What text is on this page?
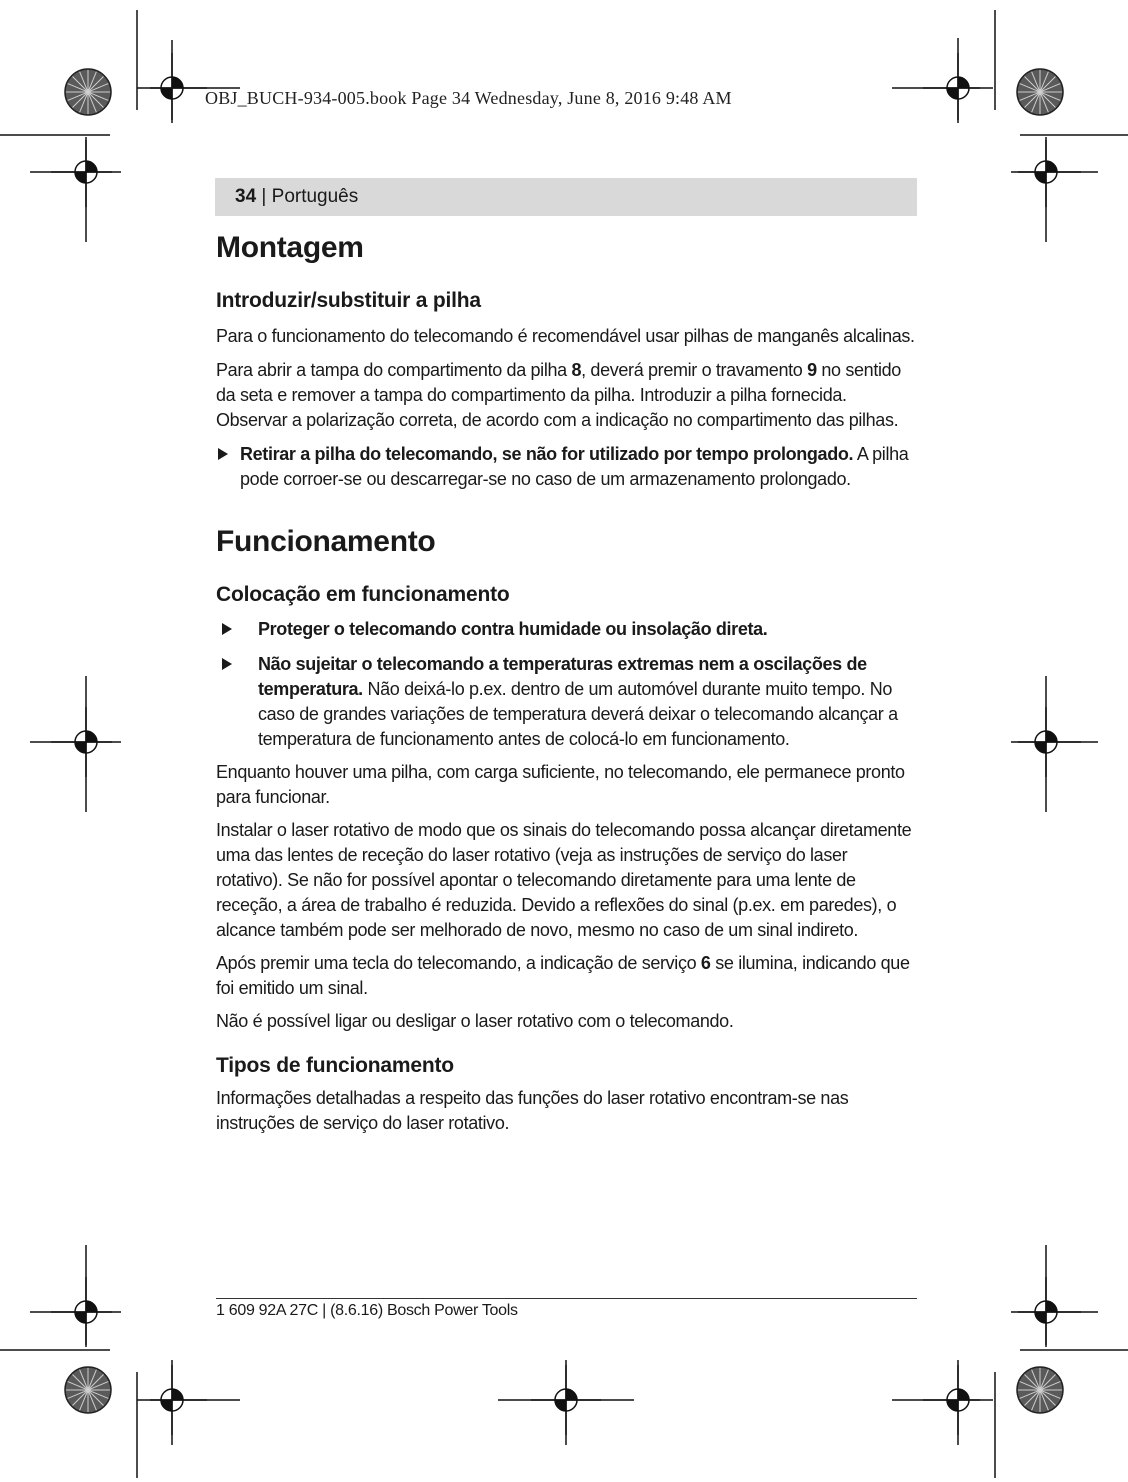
OBJ_BUCH-934-005.book Page 34 Wednesday, June 8, 2016 9:48 AM
34 | Português
Montagem
Introduzir/substituir a pilha

Para o funcionamento do telecomando é recomendável usar pilhas de manganês alcalinas.

Para abrir a tampa do compartimento da pilha 8, deverá premir o travamento 9 no sentido da seta e remover a tampa do compartimento da pilha. Introduzir a pilha fornecida. Observar a polarização correta, de acordo com a indicação no compartimento das pilhas.

Retirar a pilha do telecomando, se não for utilizado por tempo prolongado. A pilha pode corroer-se ou descarregar-se no caso de um armazenamento prolongado.
Funcionamento
Colocação em funcionamento
Proteger o telecomando contra humidade ou insolação direta.
Não sujeitar o telecomando a temperaturas extremas nem a oscilações de temperatura. Não deixá-lo p.ex. dentro de um automóvel durante muito tempo. No caso de grandes variações de temperatura deverá deixar o telecomando alcançar a temperatura de funcionamento antes de colocá-lo em funcionamento.

Enquanto houver uma pilha, com carga suficiente, no telecomando, ele permanece pronto para funcionar.

Instalar o laser rotativo de modo que os sinais do telecomando possa alcançar diretamente uma das lentes de receção do laser rotativo (veja as instruções de serviço do laser rotativo). Se não for possível apontar o telecomando diretamente para uma lente de receção, a área de trabalho é reduzida. Devido a reflexões do sinal (p.ex. em paredes), o alcance também pode ser melhorado de novo, mesmo no caso de um sinal indireto.

Após premir uma tecla do telecomando, a indicação de serviço 6 se ilumina, indicando que foi emitido um sinal.

Não é possível ligar ou desligar o laser rotativo com o telecomando.

Tipos de funcionamento

Informações detalhadas a respeito das funções do laser rotativo encontram-se nas instruções de serviço do laser rotativo.

1 609 92A 27C | (8.6.16) Bosch Power Tools
